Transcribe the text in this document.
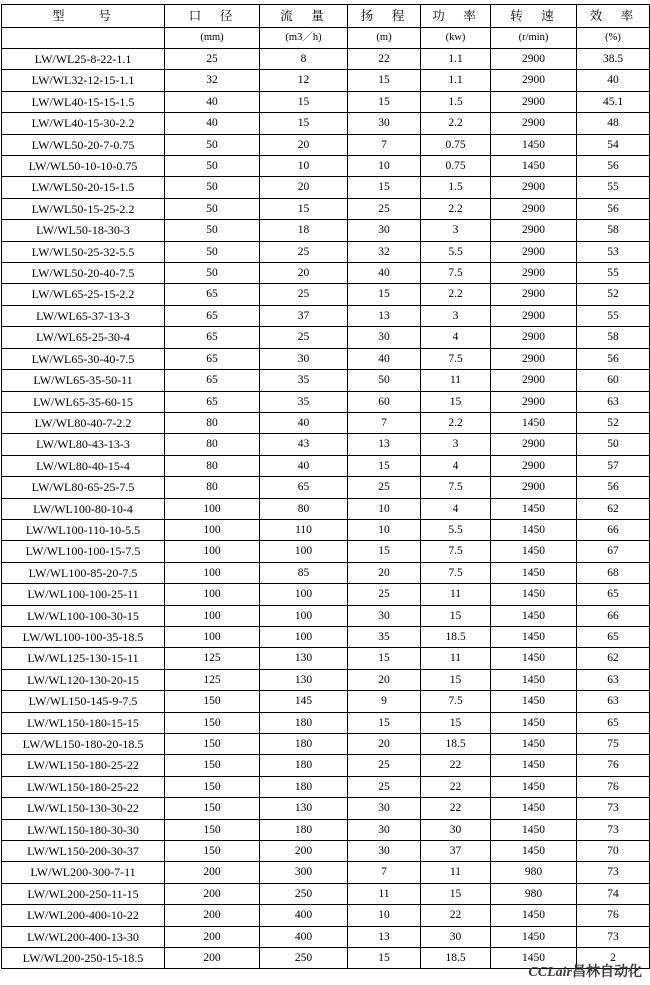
型　　号	口　径	流　量	扬　程	功　率	转　速	效　率
	(mm)	(m3／h)	(m)	(kw)	(r/min)	(%)
LW/WL25-8-22-1.1	25	8	22	1.1	2900	38.5
LW/WL32-12-15-1.1	32	12	15	1.1	2900	40
LW/WL40-15-15-1.5	40	15	15	1.5	2900	45.1
LW/WL40-15-30-2.2	40	15	30	2.2	2900	48
LW/WL50-20-7-0.75	50	20	7	0.75	1450	54
LW/WL50-10-10-0.75	50	10	10	0.75	1450	56
LW/WL50-20-15-1.5	50	20	15	1.5	2900	55
LW/WL50-15-25-2.2	50	15	25	2.2	2900	56
LW/WL50-18-30-3	50	18	30	3	2900	58
LW/WL50-25-32-5.5	50	25	32	5.5	2900	53
LW/WL50-20-40-7.5	50	20	40	7.5	2900	55
LW/WL65-25-15-2.2	65	25	15	2.2	2900	52
LW/WL65-37-13-3	65	37	13	3	2900	55
LW/WL65-25-30-4	65	25	30	4	2900	58
LW/WL65-30-40-7.5	65	30	40	7.5	2900	56
LW/WL65-35-50-11	65	35	50	11	2900	60
LW/WL65-35-60-15	65	35	60	15	2900	63
LW/WL80-40-7-2.2	80	40	7	2.2	1450	52
LW/WL80-43-13-3	80	43	13	3	2900	50
LW/WL80-40-15-4	80	40	15	4	2900	57
LW/WL80-65-25-7.5	80	65	25	7.5	2900	56
LW/WL100-80-10-4	100	80	10	4	1450	62
LW/WL100-110-10-5.5	100	110	10	5.5	1450	66
LW/WL100-100-15-7.5	100	100	15	7.5	1450	67
LW/WL100-85-20-7.5	100	85	20	7.5	1450	68
LW/WL100-100-25-11	100	100	25	11	1450	65
LW/WL100-100-30-15	100	100	30	15	1450	66
LW/WL100-100-35-18.5	100	100	35	18.5	1450	65
LW/WL125-130-15-11	125	130	15	11	1450	62
LW/WL120-130-20-15	125	130	20	15	1450	63
LW/WL150-145-9-7.5	150	145	9	7.5	1450	63
LW/WL150-180-15-15	150	180	15	15	1450	65
LW/WL150-180-20-18.5	150	180	20	18.5	1450	75
LW/WL150-180-25-22	150	180	25	22	1450	76
LW/WL150-180-25-22	150	180	25	22	1450	76
LW/WL150-130-30-22	150	130	30	22	1450	73
LW/WL150-180-30-30	150	180	30	30	1450	73
LW/WL150-200-30-37	150	200	30	37	1450	70
LW/WL200-300-7-11	200	300	7	11	980	73
LW/WL200-250-11-15	200	250	11	15	980	74
LW/WL200-400-10-22	200	400	10	22	1450	76
LW/WL200-400-13-30	200	400	13	30	1450	73
LW/WL200-250-15-18.5	200	250	15	18.5	1450	2
CCLair昌林自动化
